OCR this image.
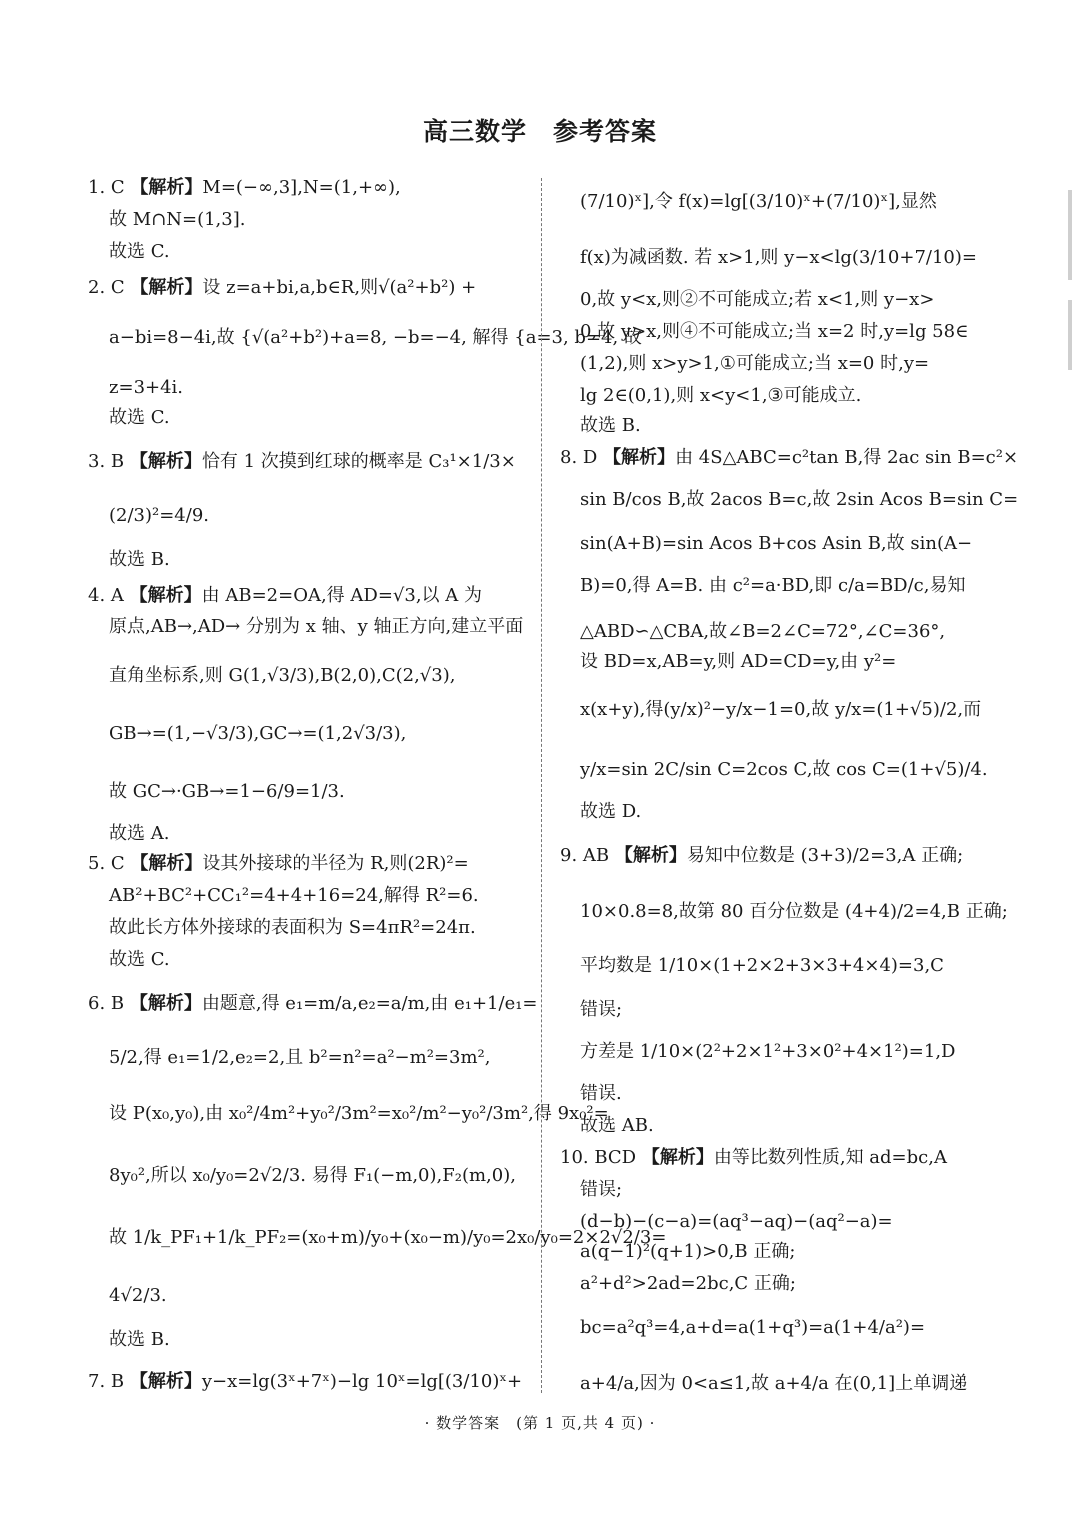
高三数学　参考答案
1. C 【解析】M=(−∞,3],N=(1,+∞),
故 M∩N=(1,3].
故选 C.
2. C 【解析】设 z=a+bi,a,b∈R,则√(a²+b²) +
a−bi=8−4i,故 {√(a²+b²)+a=8, −b=−4, 解得 {a=3, b=4, 故
z=3+4i.
故选 C.
3. B 【解析】恰有 1 次摸到红球的概率是 C₃¹×1/3×
(2/3)²=4/9.
故选 B.
4. A 【解析】由 AB=2=OA,得 AD=√3,以 A 为
原点,AB→,AD→ 分别为 x 轴、y 轴正方向,建立平面
直角坐标系,则 G(1,√3/3),B(2,0),C(2,√3),
GB→=(1,−√3/3),GC→=(1,2√3/3),
故 GC→·GB→=1−6/9=1/3.
故选 A.
5. C 【解析】设其外接球的半径为 R,则(2R)²=
AB²+BC²+CC₁²=4+4+16=24,解得 R²=6.
故此长方体外接球的表面积为 S=4πR²=24π.
故选 C.
6. B 【解析】由题意,得 e₁=m/a,e₂=a/m,由 e₁+1/e₁=
5/2,得 e₁=1/2,e₂=2,且 b²=n²=a²−m²=3m²,
设 P(x₀,y₀),由 x₀²/4m²+y₀²/3m²=x₀²/m²−y₀²/3m²,得 9x₀²=
8y₀²,所以 x₀/y₀=2√2/3. 易得 F₁(−m,0),F₂(m,0),
故 1/k_PF₁+1/k_PF₂=(x₀+m)/y₀+(x₀−m)/y₀=2x₀/y₀=2×2√2/3=
4√2/3.
故选 B.
7. B 【解析】y−x=lg(3ˣ+7ˣ)−lg 10ˣ=lg[(3/10)ˣ+
(7/10)ˣ],令 f(x)=lg[(3/10)ˣ+(7/10)ˣ],显然
f(x)为减函数. 若 x>1,则 y−x<lg(3/10+7/10)=
0,故 y<x,则②不可能成立;若 x<1,则 y−x>
0,故 y>x,则④不可能成立;当 x=2 时,y=lg 58∈
(1,2),则 x>y>1,①可能成立;当 x=0 时,y=
lg 2∈(0,1),则 x<y<1,③可能成立.
故选 B.
8. D 【解析】由 4S△ABC=c²tan B,得 2ac sin B=c²×
sin B/cos B,故 2acos B=c,故 2sin Acos B=sin C=
sin(A+B)=sin Acos B+cos Asin B,故 sin(A−
B)=0,得 A=B. 由 c²=a·BD,即 c/a=BD/c,易知
△ABD∽△CBA,故∠B=2∠C=72°,∠C=36°,
设 BD=x,AB=y,则 AD=CD=y,由 y²=
x(x+y),得(y/x)²−y/x−1=0,故 y/x=(1+√5)/2,而
y/x=sin 2C/sin C=2cos C,故 cos C=(1+√5)/4.
故选 D.
9. AB 【解析】易知中位数是 (3+3)/2=3,A 正确;
10×0.8=8,故第 80 百分位数是 (4+4)/2=4,B 正确;
平均数是 1/10×(1+2×2+3×3+4×4)=3,C
错误;
方差是 1/10×(2²+2×1²+3×0²+4×1²)=1,D
错误.
故选 AB.
10. BCD 【解析】由等比数列性质,知 ad=bc,A
错误;
(d−b)−(c−a)=(aq³−aq)−(aq²−a)=
a(q−1)²(q+1)>0,B 正确;
a²+d²>2ad=2bc,C 正确;
bc=a²q³=4,a+d=a(1+q³)=a(1+4/a²)=
a+4/a,因为 0<a≤1,故 a+4/a 在(0,1]上单调递
· 数学答案　(第 1 页,共 4 页) ·
